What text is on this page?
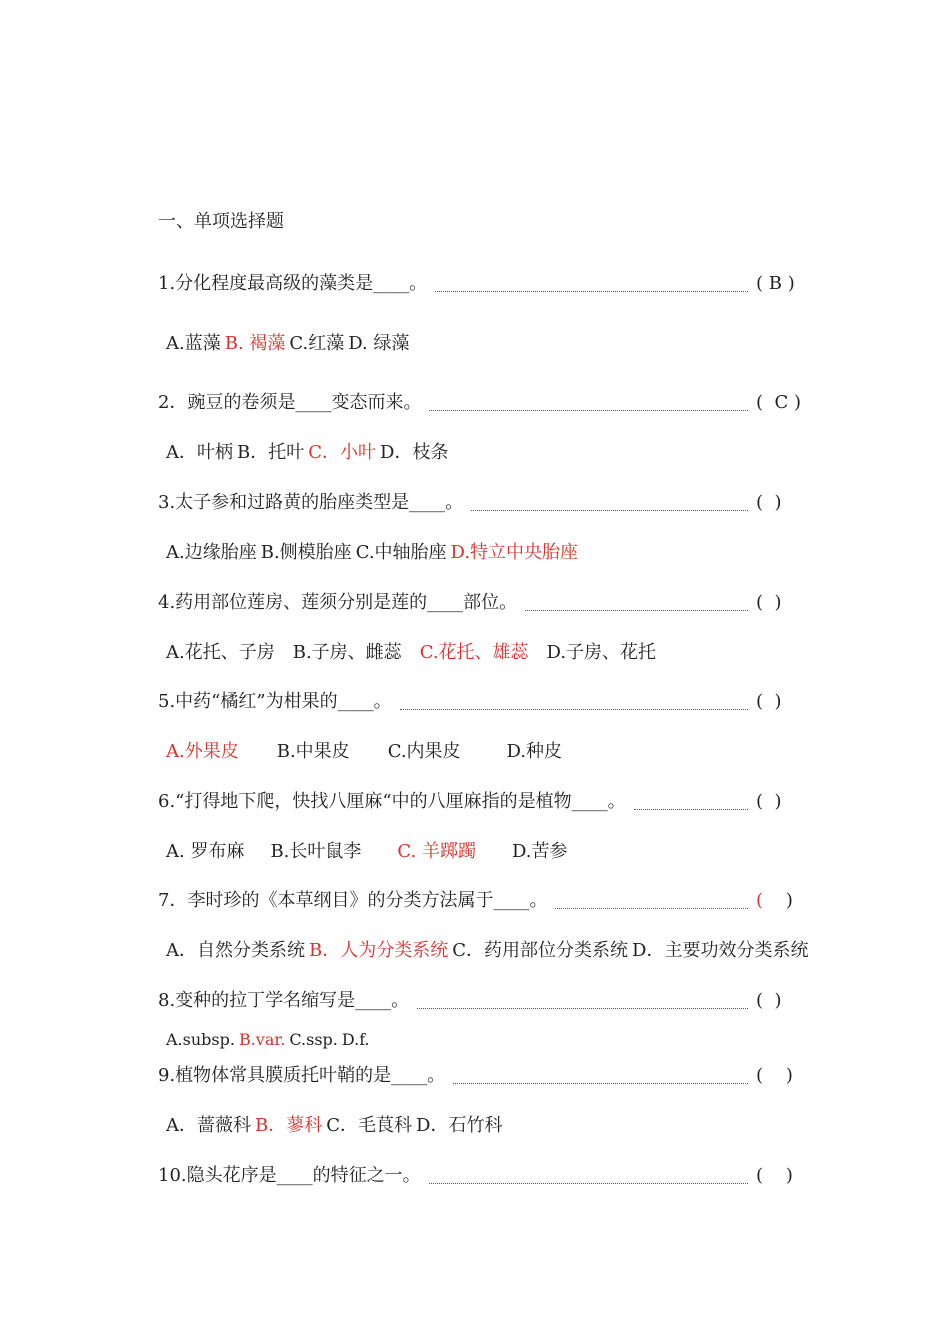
一、单项选择题
1.分化程度最高级的藻类是____。	( B )
A.蓝藻 B. 褐藻 C.红藻 D. 绿藻
2．豌豆的卷须是____变态而来。	(  C )
A．叶柄 B．托叶 C．小叶 D．枝条
3.太子参和过路黄的胎座类型是____。	(  )
A.边缘胎座 B.侧模胎座 C.中轴胎座 D.特立中央胎座
4.药用部位莲房、莲须分别是莲的____部位。	(  )
A.花托、子房 B.子房、雌蕊 C.花托、雄蕊 D.子房、花托
5.中药“橘红”为柑果的____。	(  )
A.外果皮 B.中果皮 C.内果皮	D.种皮
6.“打得地下爬，快找八厘麻“中的八厘麻指的是植物____。	(  )
A. 罗布麻 B.长叶鼠李 C. 羊踯躅 D.苦参
7．李时珍的《本草纲目》的分类方法属于____。	(    )
A．自然分类系统 B．人为分类系统 C．药用部位分类系统 D．主要功效分类系统
8.变种的拉丁学名缩写是____。	(  )
A.subsp. B.var. C.ssp. D.f.
9.植物体常具膜质托叶鞘的是____。	(    )
A．蔷薇科 B．蓼科 C．毛茛科 D．石竹科
10.隐头花序是____的特征之一。	(    )
